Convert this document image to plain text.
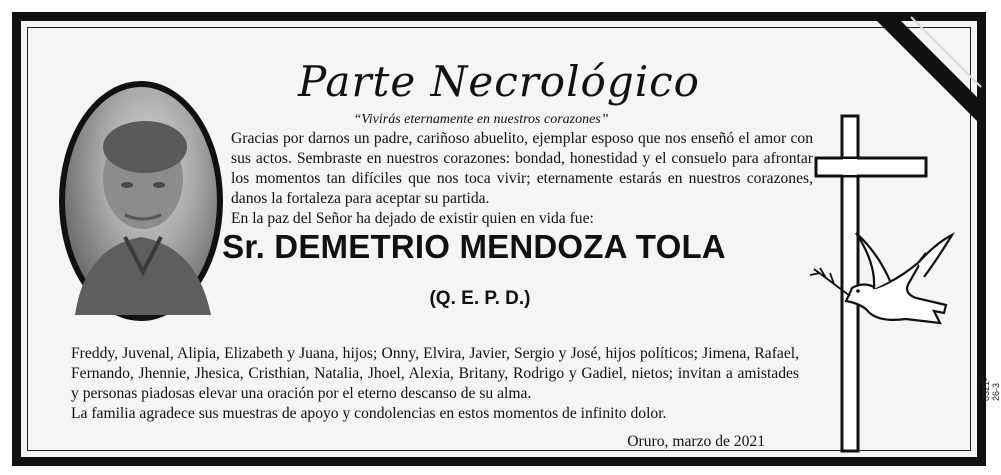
Parte Necrológico
“Vivirás eternamente en nuestros corazones”

Gracias por darnos un padre, cariñoso abuelito, ejemplar esposo que nos enseñó el amor con sus actos. Sembraste en nuestros corazones: bondad, honestidad y el consuelo para afrontar los momentos tan difíciles que nos toca vivir; eternamente estarás en nuestros corazones, danos la fortaleza para aceptar su partida.

En la paz del Señor ha dejado de existir quien en vida fue:

Freddy, Juvenal, Alipia, Elizabeth y Juana, hijos; Onny, Elvira, Javier, Sergio y José, hijos políticos; Jimena, Rafael, Fernando, Jhennie, Jhesica, Cristhian, Natalia, Jhoel, Alexia, Britany, Rodrigo y Gadiel, nietos; invitan a amistades y personas piadosas elevar una oración por el eterno descanso de su alma.

La familia agradece sus muestras de apoyo y condolencias en estos momentos de infinito dolor.

Oruro, marzo de 2021
0321-26-3
Sr. DEMETRIO MENDOZA TOLA
(Q. E. P. D.)
